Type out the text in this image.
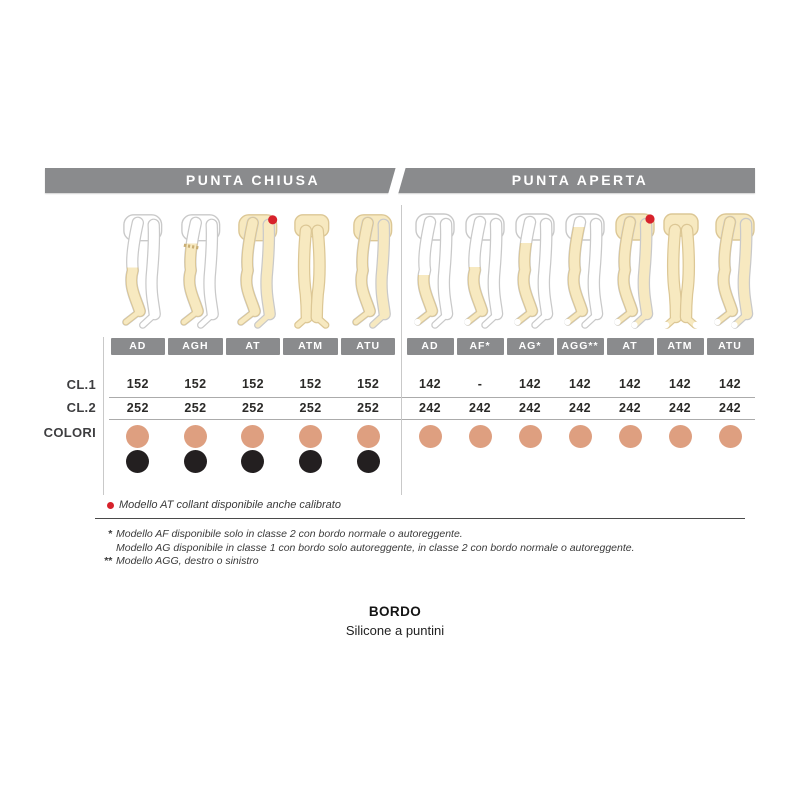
PUNTA CHIUSA	PUNTA APERTA
AD
152
252
AGH
152
252
AT
152
252
ATM
152
252
ATU
152
252
AD
142
242
AF*
-
242
AG*
142
242
AGG**
142
242
AT
142
242
ATM
142
242
ATU
142
242
CL.1
CL.2
COLORI
Modello AT collant disponibile anche calibrato
* Modello AF disponibile solo in classe 2 con bordo normale o autoreggente.
Modello AG disponibile in classe 1 con bordo solo autoreggente, in classe 2 con bordo normale o autoreggente.
** Modello AGG, destro o sinistro
BORDO
Silicone a puntini
